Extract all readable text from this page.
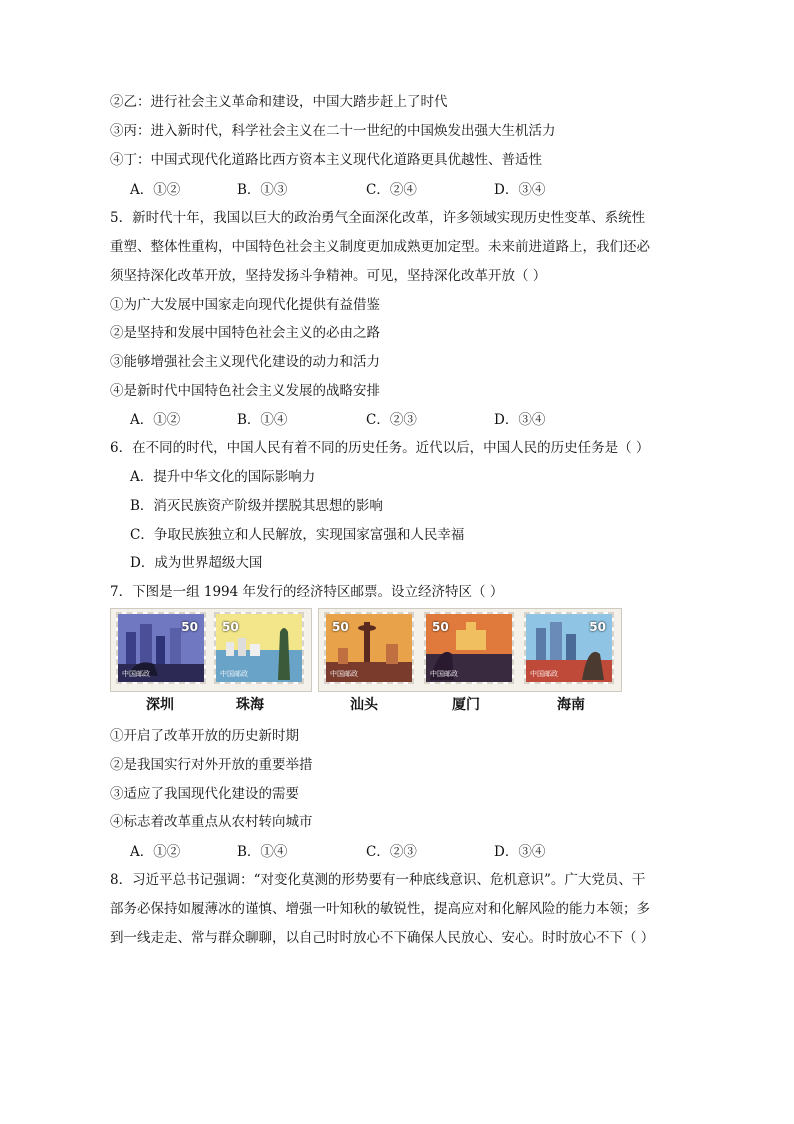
②乙：进行社会主义革命和建设，中国大踏步赶上了时代
③丙：进入新时代，科学社会主义在二十一世纪的中国焕发出强大生机活力
④丁：中国式现代化道路比西方资本主义现代化道路更具优越性、普适性
A．①②	B．①③	C．②④	D．③④
5．新时代十年，我国以巨大的政治勇气全面深化改革，许多领域实现历史性变革、系统性
重塑、整体性重构，中国特色社会主义制度更加成熟更加定型。未来前进道路上，我们还必
须坚持深化改革开放，坚持发扬斗争精神。可见，坚持深化改革开放（ ）
①为广大发展中国家走向现代化提供有益借鉴
②是坚持和发展中国特色社会主义的必由之路
③能够增强社会主义现代化建设的动力和活力
④是新时代中国特色社会主义发展的战略安排
A．①②	B．①④	C．②③	D．③④
6．在不同的时代，中国人民有着不同的历史任务。近代以后，中国人民的历史任务是（ ）
A．提升中华文化的国际影响力
B．消灭民族资产阶级并摆脱其思想的影响
C．争取民族独立和人民解放，实现国家富强和人民幸福
D．成为世界超级大国
7．下图是一组 1994 年发行的经济特区邮票。设立经济特区（ ）
50
中国邮政
50
中国邮政
50
中国邮政
50
中国邮政
50
中国邮政
深圳	珠海	汕头	厦门	海南
①开启了改革开放的历史新时期
②是我国实行对外开放的重要举措
③适应了我国现代化建设的需要
④标志着改革重点从农村转向城市
A．①②	B．①④	C．②③	D．③④
8．习近平总书记强调：“对变化莫测的形势要有一种底线意识、危机意识”。广大党员、干
部务必保持如履薄冰的谨慎、增强一叶知秋的敏锐性，提高应对和化解风险的能力本领；多
到一线走走、常与群众聊聊，以自己时时放心不下确保人民放心、安心。时时放心不下（ ）
